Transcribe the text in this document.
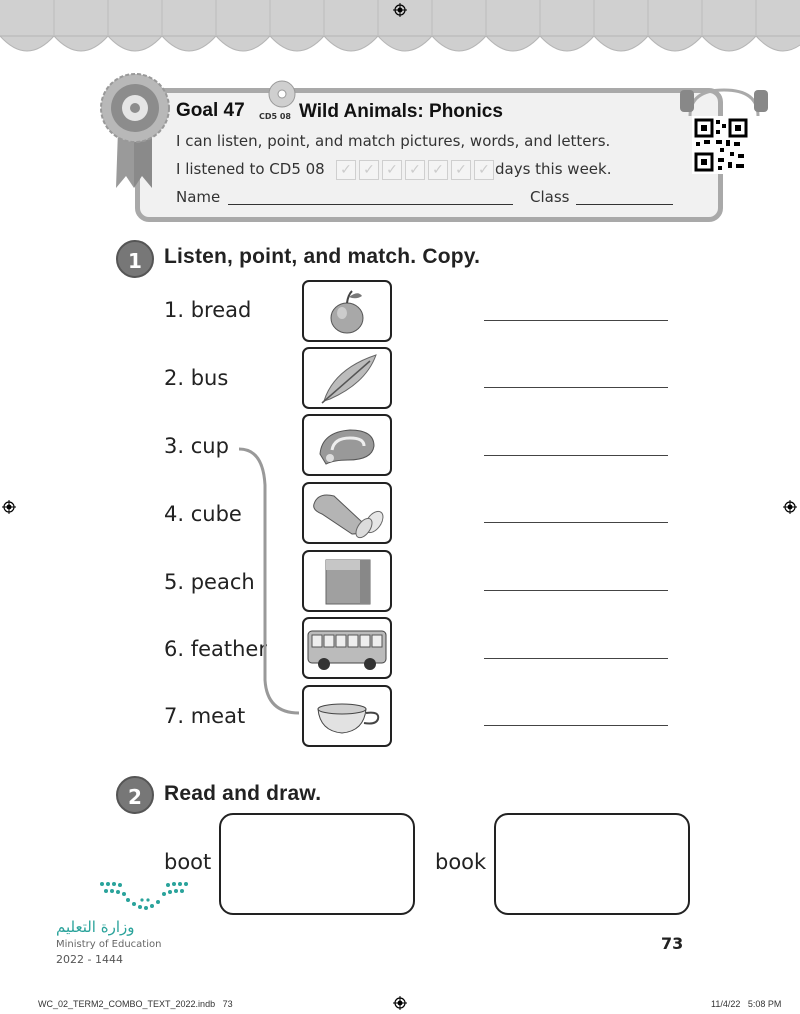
Goal 47 CD5 08 Wild Animals: Phonics
I can listen, point, and match pictures, words, and letters.
I listened to CD5 08 ✓ ✓ ✓ ✓ ✓ ✓ ✓ days this week.
Name	Class
1	Listen, point, and match. Copy.
1. bread
2. bus
3. cup
4. cube
5. peach
6. feather
7. meat
2	Read and draw.
boot	book
وزارة التعليم
Ministry of Education
2022 - 1444
73
WC_02_TERM2_COMBO_TEXT_2022.indb   73	11/4/22   5:08 PM
